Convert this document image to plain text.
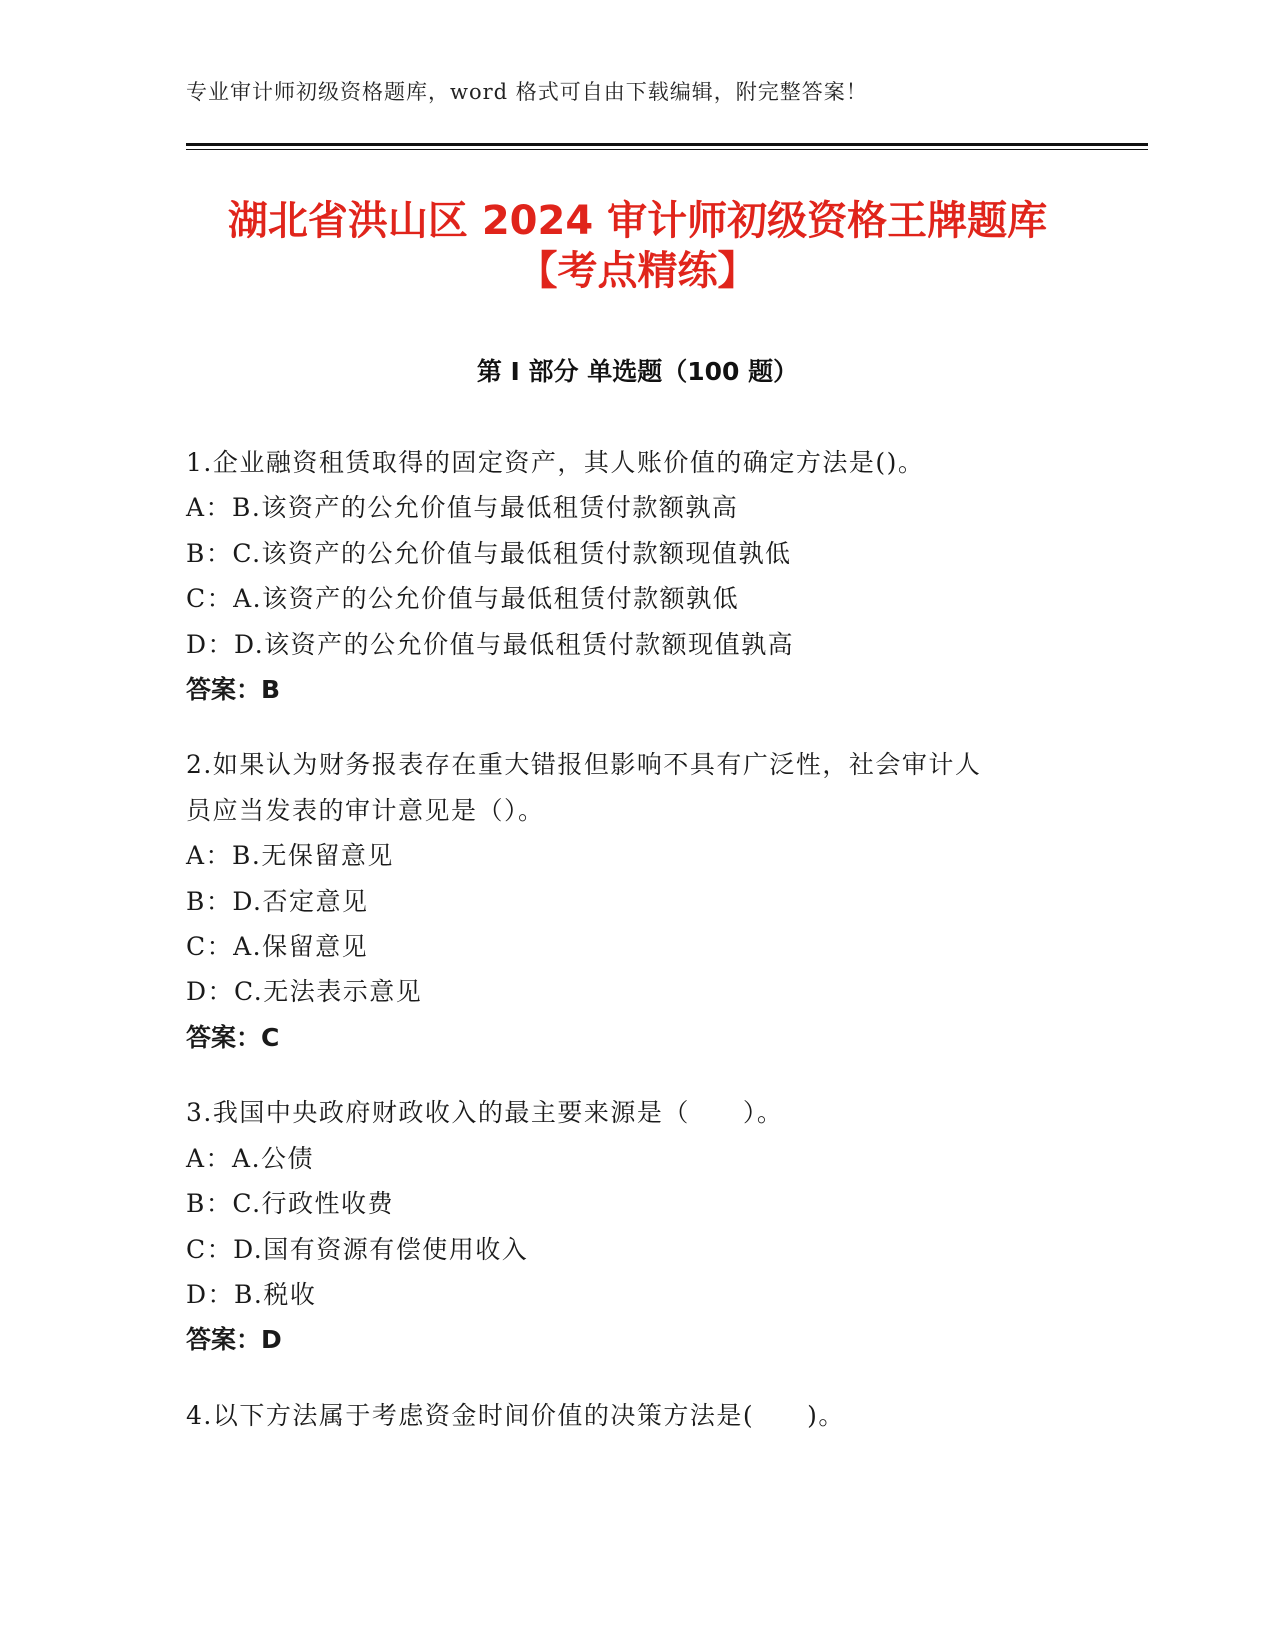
专业审计师初级资格题库，word 格式可自由下载编辑，附完整答案！
湖北省洪山区 2024 审计师初级资格王牌题库
【考点精练】
第 I 部分 单选题（100 题）
1.企业融资租赁取得的固定资产，其人账价值的确定方法是()。
A：B.该资产的公允价值与最低租赁付款额孰高
B：C.该资产的公允价值与最低租赁付款额现值孰低
C：A.该资产的公允价值与最低租赁付款额孰低
D：D.该资产的公允价值与最低租赁付款额现值孰高
答案：B
2.如果认为财务报表存在重大错报但影响不具有广泛性，社会审计人
员应当发表的审计意见是（）。
A：B.无保留意见
B：D.否定意见
C：A.保留意见
D：C.无法表示意见
答案：C
3.我国中央政府财政收入的最主要来源是（　　）。
A：A.公债
B：C.行政性收费
C：D.国有资源有偿使用收入
D：B.税收
答案：D
4.以下方法属于考虑资金时间价值的决策方法是(　　)。
